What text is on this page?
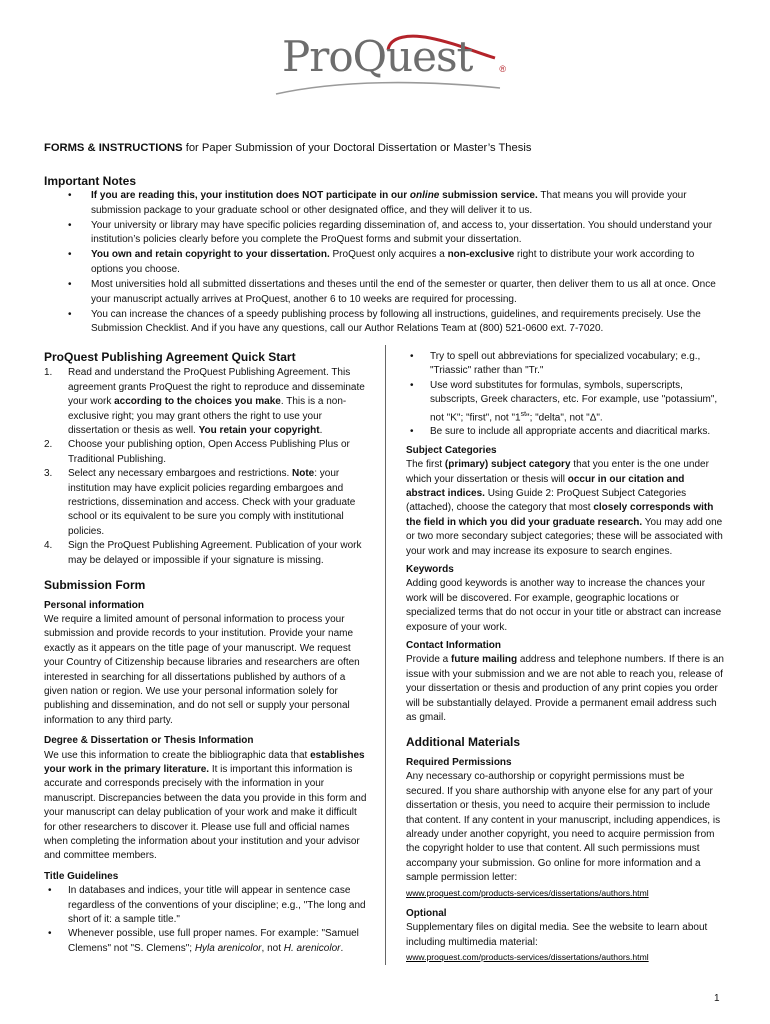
ProQuest	®
FORMS & INSTRUCTIONS for Paper Submission of your Doctoral Dissertation or Master’s Thesis
Important Notes
• If you are reading this, your institution does NOT participate in our online submission service. That means you will provide your submission package to your graduate school or other designated office, and they will deliver it to us.
• Your university or library may have specific policies regarding dissemination of, and access to, your dissertation. You should understand your institution’s policies clearly before you complete the ProQuest forms and submit your dissertation.
• You own and retain copyright to your dissertation. ProQuest only acquires a non-exclusive right to distribute your work according to options you choose.
• Most universities hold all submitted dissertations and theses until the end of the semester or quarter, then deliver them to us all at once. Once your manuscript actually arrives at ProQuest, another 6 to 10 weeks are required for processing.
• You can increase the chances of a speedy publishing process by following all instructions, guidelines, and requirements precisely. Use the Submission Checklist. And if you have any questions, call our Author Relations Team at (800) 521-0600 ext. 7-7020.
ProQuest Publishing Agreement Quick Start
1. Read and understand the ProQuest Publishing Agreement. This agreement grants ProQuest the right to reproduce and disseminate your work according to the choices you make. This is a non-exclusive right; you may grant others the right to use your dissertation or thesis as well. You retain your copyright.
2. Choose your publishing option, Open Access Publishing Plus or Traditional Publishing.
3. Select any necessary embargoes and restrictions. Note: your institution may have explicit policies regarding embargoes and restrictions, dissemination and access. Check with your graduate school or its equivalent to be sure you comply with institutional policies.
4. Sign the ProQuest Publishing Agreement. Publication of your work may be delayed or impossible if your signature is missing.
Submission Form
Personal information

We require a limited amount of personal information to process your submission and provide records to your institution. Provide your name exactly as it appears on the title page of your manuscript. We request your Country of Citizenship because libraries and researchers are often interested in searching for all dissertations published by authors of a given nation or region. We use your personal information solely for publishing and dissemination, and do not sell or supply your personal information to any third party.

Degree & Dissertation or Thesis Information

We use this information to create the bibliographic data that establishes your work in the primary literature. It is important this information is accurate and corresponds precisely with the information in your manuscript. Discrepancies between the data you provide in this form and your manuscript can delay publication of your work and make it difficult for other researchers to discover it. Please use full and official names when completing the information about your institution and your advisor and committee members.

Title Guidelines
• In databases and indices, your title will appear in sentence case regardless of the conventions of your discipline; e.g., "The long and short of it: a sample title."
• Whenever possible, use full proper names. For example: "Samuel Clemens" not "S. Clemens"; Hyla arenicolor, not H. arenicolor.
• Try to spell out abbreviations for specialized vocabulary; e.g., "Triassic" rather than "Tr."
• Use word substitutes for formulas, symbols, superscripts, subscripts, Greek characters, etc. For example, use "potassium", not "K"; "first", not "1st"; "delta", not "Δ".
• Be sure to include all appropriate accents and diacritical marks.
Subject Categories

The first (primary) subject category that you enter is the one under which your dissertation or thesis will occur in our citation and abstract indices. Using Guide 2: ProQuest Subject Categories (attached), choose the category that most closely corresponds with the field in which you did your graduate research. You may add one or two more secondary subject categories; these will be associated with your work and may increase its exposure to search engines.

Keywords

Adding good keywords is another way to increase the chances your work will be discovered. For example, geographic locations or specialized terms that do not occur in your title or abstract can increase exposure of your work.

Contact Information

Provide a future mailing address and telephone numbers. If there is an issue with your submission and we are not able to reach you, release of your dissertation or thesis and production of any print copies you order will be substantially delayed. Provide a permanent email address such as gmail.

Additional Materials
Required Permissions

Any necessary co-authorship or copyright permissions must be secured. If you share authorship with anyone else for any part of your dissertation or thesis, you need to acquire their permission to include that content. If any content in your manuscript, including appendices, is already under another copyright, you need to acquire permission from the copyright holder to use that content. All such permissions must accompany your submission. Go online for more information and a sample permission letter:

www.proquest.com/products-services/dissertations/authors.html
Optional

Supplementary files on digital media. See the website to learn about including multimedia material:

www.proquest.com/products-services/dissertations/authors.html
1
